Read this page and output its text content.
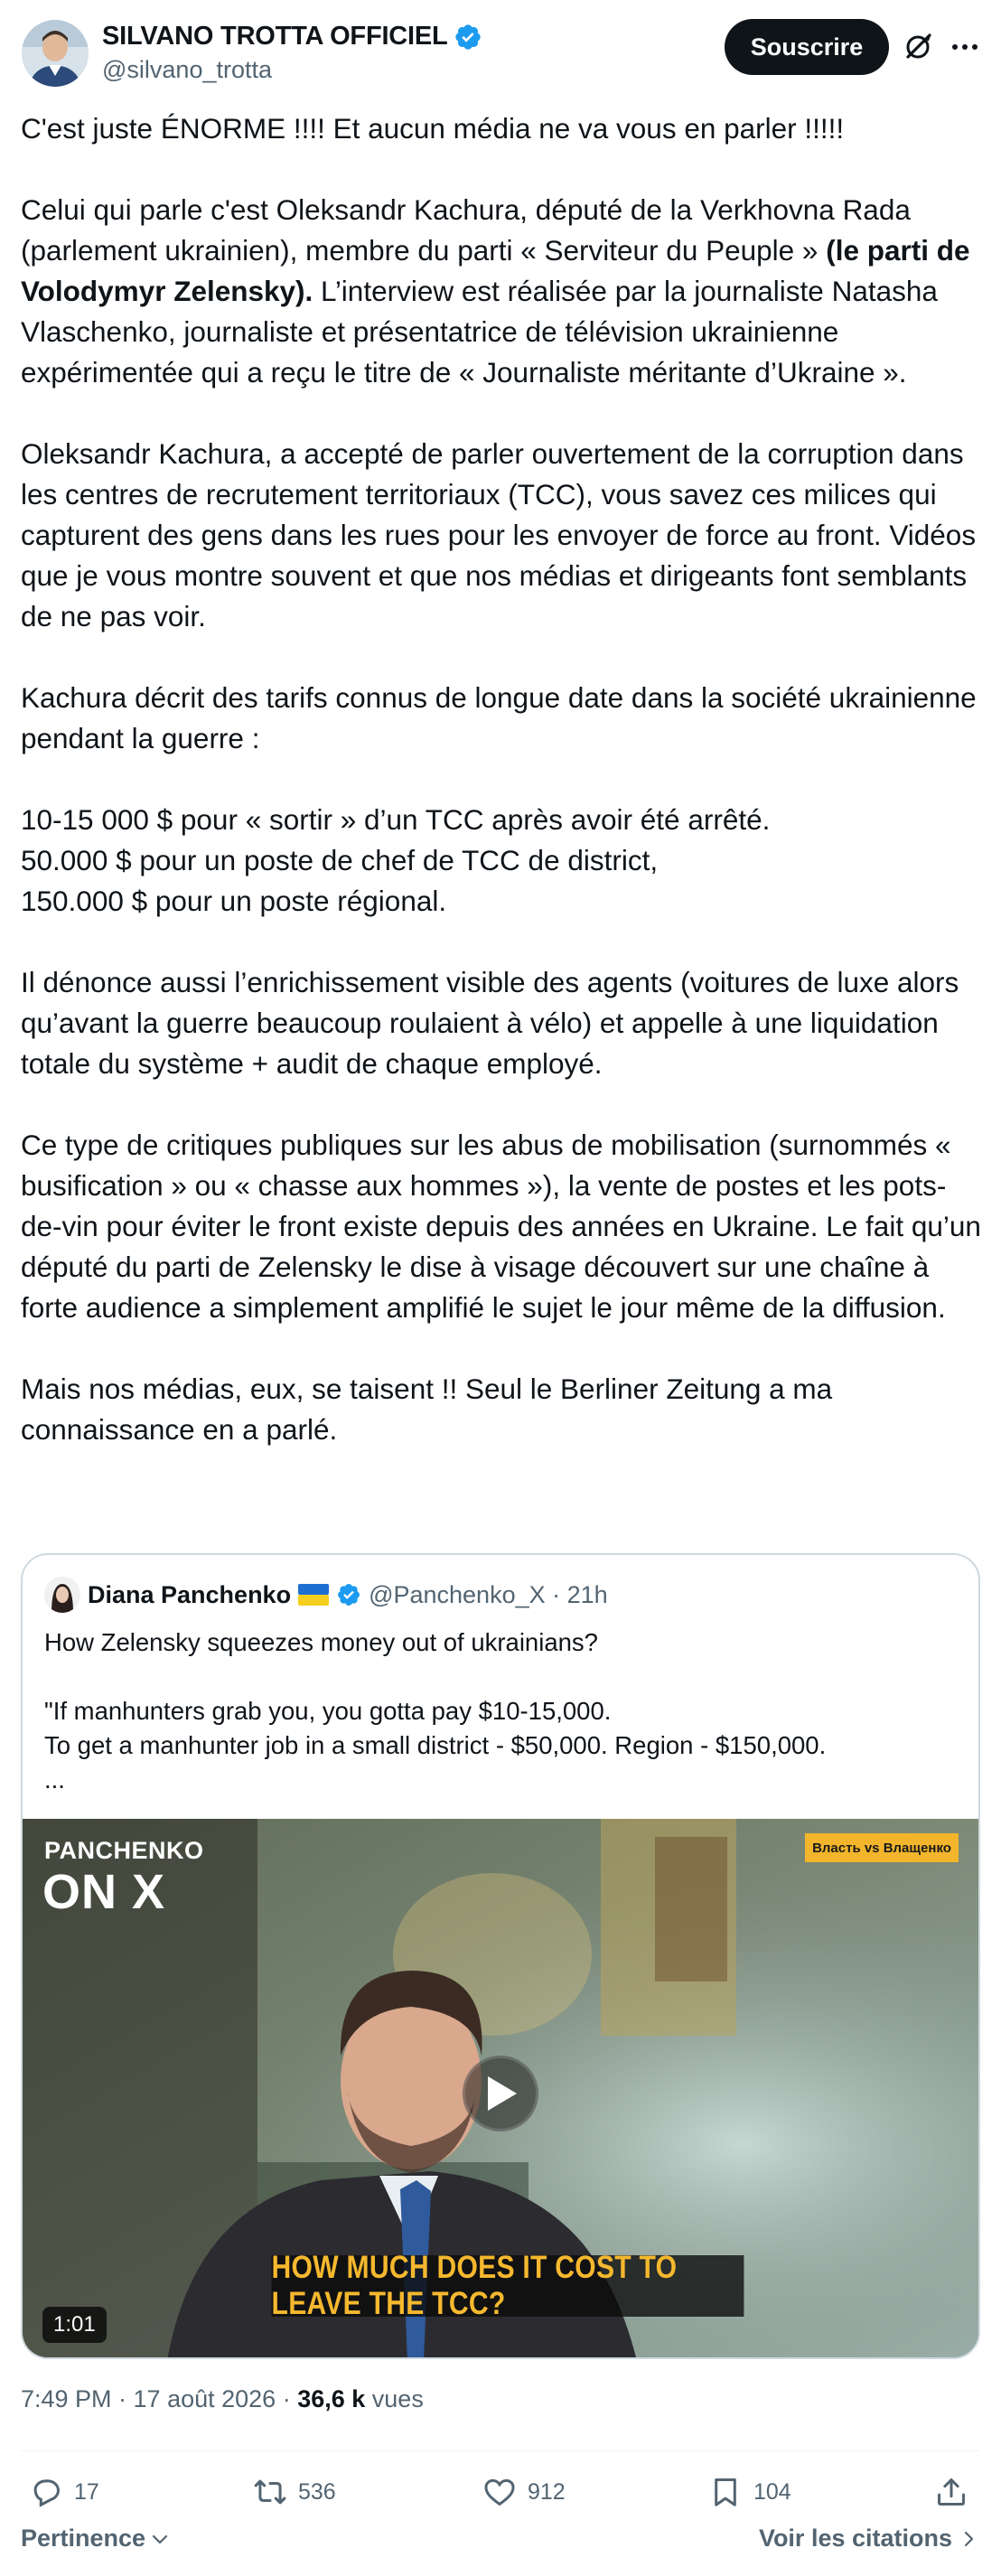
SILVANO TROTTA OFFICIEL
@silvano_trotta
Souscrire

C'est juste ÉNORME !!!! Et aucun média ne va vous en parler !!!!!

Celui qui parle c'est Oleksandr Kachura, député de la Verkhovna Rada (parlement ukrainien), membre du parti « Serviteur du Peuple » (le parti de Volodymyr Zelensky). L’interview est réalisée par la journaliste Natasha Vlaschenko, journaliste et présentatrice de télévision ukrainienne expérimentée qui a reçu le titre de « Journaliste méritante d’Ukraine ».

Oleksandr Kachura, a accepté de parler ouvertement de la corruption dans les centres de recrutement territoriaux (TCC), vous savez ces milices qui capturent des gens dans les rues pour les envoyer de force au front. Vidéos que je vous montre souvent et que nos médias et dirigeants font semblants de ne pas voir.

Kachura décrit des tarifs connus de longue date dans la société ukrainienne pendant la guerre :

10-15 000 $ pour « sortir » d’un TCC après avoir été arrêté.

50.000 $ pour un poste de chef de TCC de district,

150.000 $ pour un poste régional.

Il dénonce aussi l’enrichissement visible des agents (voitures de luxe alors qu’avant la guerre beaucoup roulaient à vélo) et appelle à une liquidation totale du système + audit de chaque employé.

Ce type de critiques publiques sur les abus de mobilisation (surnommés « busification » ou « chasse aux hommes »), la vente de postes et les pots-de-vin pour éviter le front existe depuis des années en Ukraine. Le fait qu’un député du parti de Zelensky le dise à visage découvert sur une chaîne à forte audience a simplement amplifié le sujet le jour même de la diffusion.

Mais nos médias, eux, se taisent !! Seul le Berliner Zeitung a ma connaissance en a parlé.

Diana Panchenko	@Panchenko_X · 21h

How Zelensky squeezes money out of ukrainians?

"If manhunters grab you, you gotta pay $10-15,000.

To get a manhunter job in a small district - $50,000. Region - $150,000.

...

PANCHENKO
ON X
Власть vs Влащенко
HOW MUCH DOES IT COST TO LEAVE THE TCC?
1:01
7:49 PM · 17 août 2026 · 36,6 k vues
17	536	912	104
Pertinence	Voir les citations
